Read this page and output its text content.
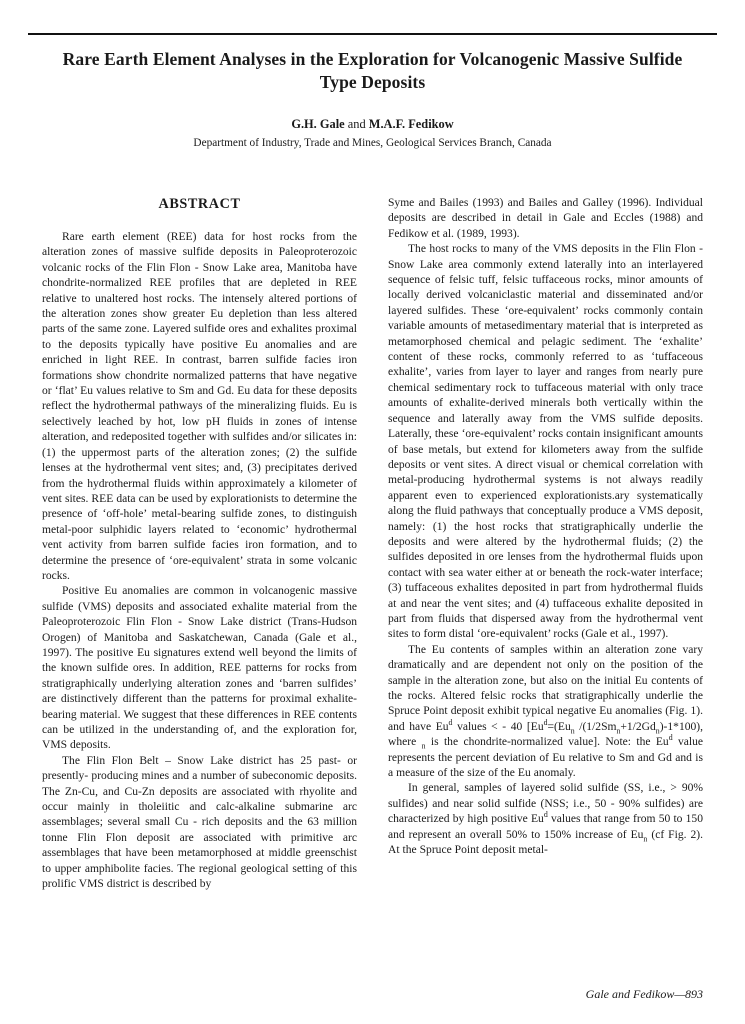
Rare Earth Element Analyses in the Exploration for Volcanogenic Massive Sulfide Type Deposits
G.H. Gale and M.A.F. Fedikow
Department of Industry, Trade and Mines, Geological Services Branch, Canada
ABSTRACT

Rare earth element (REE) data for host rocks from the alteration zones of massive sulfide deposits in Paleoproterozoic volcanic rocks of the Flin Flon - Snow Lake area, Manitoba have chondrite-normalized REE profiles that are depleted in REE relative to unaltered host rocks. The intensely altered portions of the alteration zones show greater Eu depletion than less altered parts of the same zone. Layered sulfide ores and exhalites proximal to the deposits typically have positive Eu anomalies and are enriched in light REE. In contrast, barren sulfide facies iron formations show chondrite normalized patterns that have negative or ‘flat’ Eu values relative to Sm and Gd. Eu data for these deposits reflect the hydrothermal pathways of the mineralizing fluids. Eu is selectively leached by hot, low pH fluids in zones of intense alteration, and redeposited together with sulfides and/or silicates in: (1) the uppermost parts of the alteration zones; (2) the sulfide lenses at the hydrothermal vent sites; and, (3) precipitates derived from the hydrothermal fluids within approximately a kilometer of vent sites. REE data can be used by explorationists to determine the presence of ‘off-hole’ metal-bearing sulfide zones, to distinguish metal-poor sulphidic layers related to ‘economic’ hydrothermal vent activity from barren sulfide facies iron formation, and to determine the presence of ‘ore-equivalent’ strata in some volcanic rocks.

Positive Eu anomalies are common in volcanogenic massive sulfide (VMS) deposits and associated exhalite material from the Paleoproterozoic Flin Flon - Snow Lake district (Trans-Hudson Orogen) of Manitoba and Saskatchewan, Canada (Gale et al., 1997). The positive Eu signatures extend well beyond the limits of the known sulfide ores. In addition, REE patterns for rocks from stratigraphically underlying alteration zones and ‘barren sulfides’ are distinctively different than the patterns for proximal exhalite-bearing material. We suggest that these differences in REE contents can be utilized in the understanding of, and the exploration for, VMS deposits.

The Flin Flon Belt – Snow Lake district has 25 past- or presently- producing mines and a number of subeconomic deposits. The Zn-Cu, and Cu-Zn deposits are associated with rhyolite and occur mainly in tholeiitic and calc-alkaline submarine arc assemblages; several small Cu - rich deposits and the 63 million tonne Flin Flon deposit are associated with primitive arc assemblages that have been metamorphosed at middle greenschist to upper amphibolite facies. The regional geological setting of this prolific VMS district is described by

Syme and Bailes (1993) and Bailes and Galley (1996). Individual deposits are described in detail in Gale and Eccles (1988) and Fedikow et al. (1989, 1993).

The host rocks to many of the VMS deposits in the Flin Flon - Snow Lake area commonly extend laterally into an interlayered sequence of felsic tuff, felsic tuffaceous rocks, minor amounts of locally derived volcaniclastic material and disseminated and/or layered sulfides. These ‘ore-equivalent’ rocks commonly contain variable amounts of metasedimentary material that is interpreted as metamorphosed chemical and pelagic sediment. The ‘exhalite’ content of these rocks, commonly referred to as ‘tuffaceous exhalite’, varies from layer to layer and ranges from nearly pure chemical sedimentary rock to tuffaceous material with only trace amounts of exhalite-derived minerals both vertically within the sequence and laterally away from the VMS sulfide deposits. Laterally, these ‘ore-equivalent’ rocks contain insignificant amounts of base metals, but extend for kilometers away from the sulfide deposits or vent sites. A direct visual or chemical correlation with metal-producing hydrothermal systems is not always readily apparent even to experienced explorationists.ary systematically along the fluid pathways that conceptually produce a VMS deposit, namely: (1) the host rocks that stratigraphically underlie the deposits and were altered by the hydrothermal fluids; (2) the sulfides deposited in ore lenses from the hydrothermal fluids upon contact with sea water either at or beneath the rock-water interface; (3) tuffaceous exhalites deposited in part from hydrothermal fluids at and near the vent sites; and (4) tuffaceous exhalite deposited in part from fluids that dispersed away from the hydrothermal vent sites to form distal ‘ore-equivalent’ rocks (Gale et al., 1997).

The Eu contents of samples within an alteration zone vary dramatically and are dependent not only on the position of the sample in the alteration zone, but also on the initial Eu contents of the rocks. Altered felsic rocks that stratigraphically underlie the Spruce Point deposit exhibit typical negative Eu anomalies (Fig. 1). and have Eu$^d$ values < - 40 [$Eu^d=(Eu_n$ $/(1/2Sm_n+1/2Gd_n)-1*100$), where $_n$ is the chondrite-normalized value]. Note: the Eu$^d$ value represents the percent deviation of Eu relative to Sm and Gd and is a measure of the size of the Eu anomaly.

In general, samples of layered solid sulfide (SS, i.e., > 90% sulfides) and near solid sulfide (NSS; i.e., 50 - 90% sulfides) are characterized by high positive Eu$^d$ values that range from 50 to 150 and represent an overall 50% to 150% increase of $Eu_n$ (cf Fig. 2). At the Spruce Point deposit metal-

Gale and Fedikow—893
